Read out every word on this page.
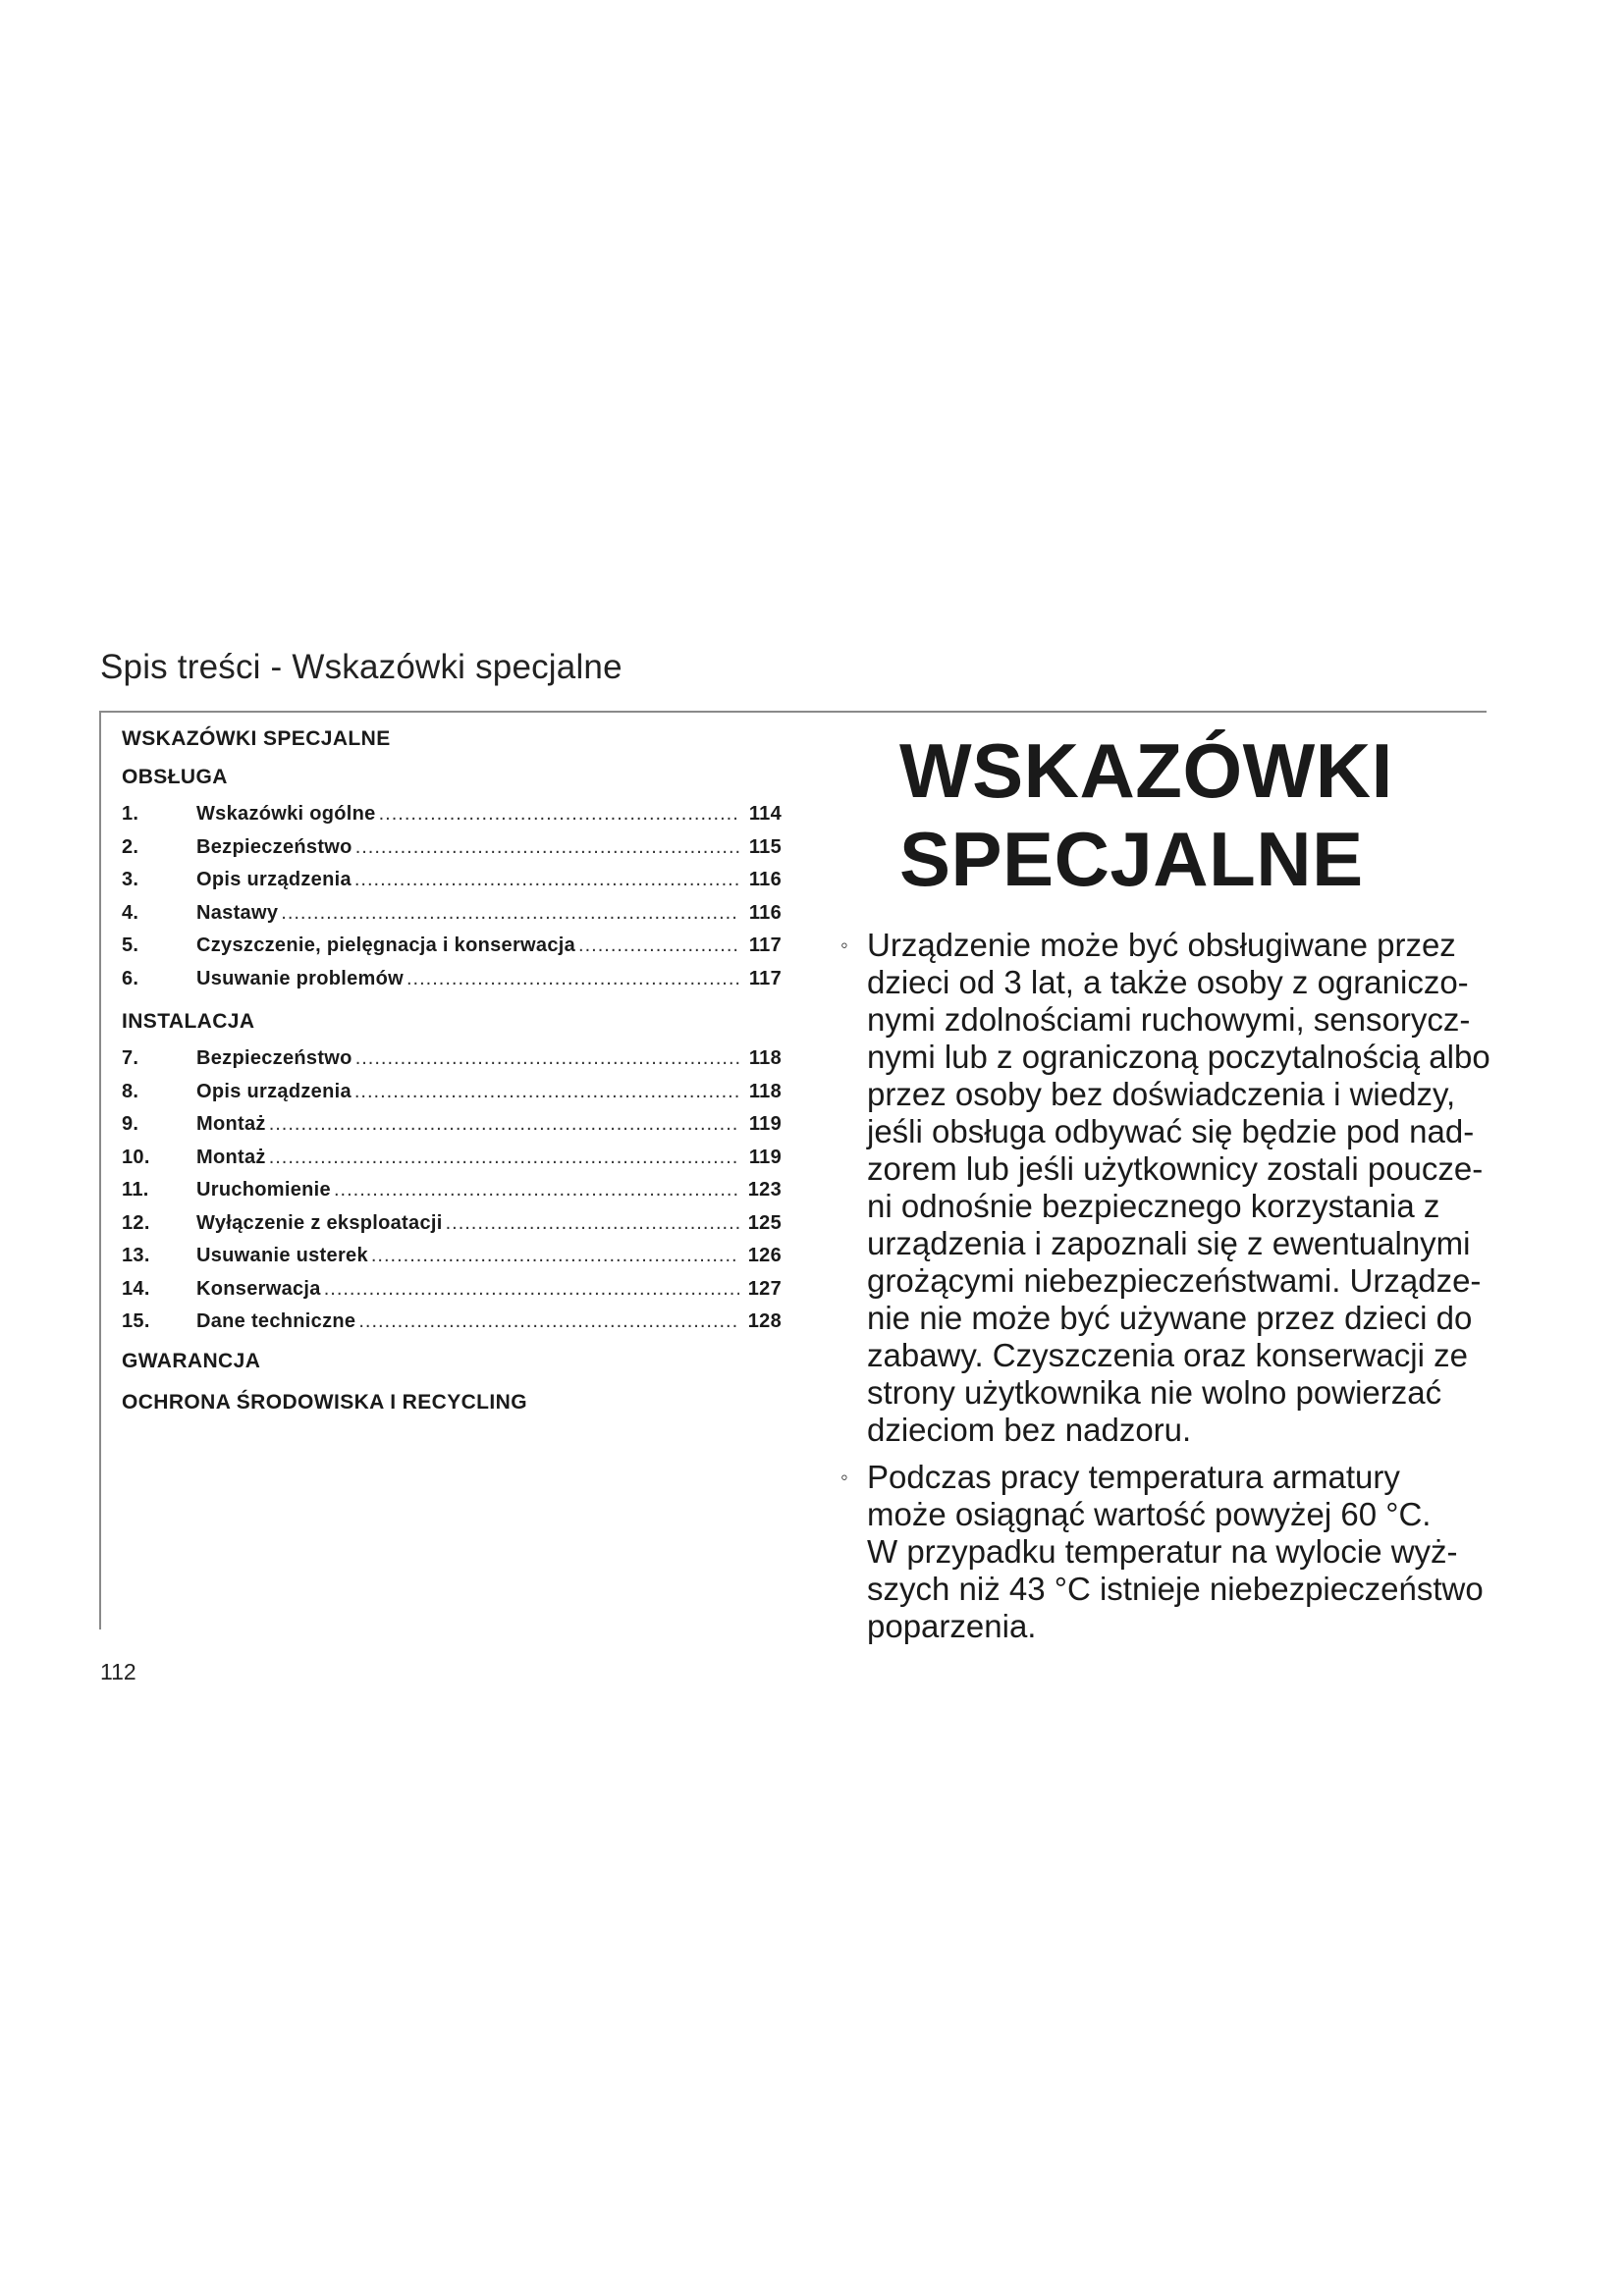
Spis treści - Wskazówki specjalne
WSKAZÓWKI SPECJALNE
OBSŁUGA
1.	Wskazówki ogólne .....	114
2.	Bezpieczeństwo .....	115
3.	Opis urządzenia .....	116
4.	Nastawy .....	116
5.	Czyszczenie, pielęgnacja i konserwacja .....	117
6.	Usuwanie problemów .....	117
INSTALACJA
7.	Bezpieczeństwo .....	118
8.	Opis urządzenia .....	118
9.	Montaż .....	119
10.	Montaż .....	119
11.	Uruchomienie .....	123
12.	Wyłączenie z eksploatacji .....	125
13.	Usuwanie usterek .....	126
14.	Konserwacja .....	127
15.	Dane techniczne .....	128
GWARANCJA
OCHRONA ŚRODOWISKA I RECYCLING
WSKAZÓWKI
SPECJALNE
◦ Urządzenie może być obsługiwane przez
dzieci od 3 lat, a także osoby z ograniczo-
nymi zdolnościami ruchowymi, sensorycz-
nymi lub z ograniczoną poczytalnością albo
przez osoby bez doświadczenia i wiedzy,
jeśli obsługa odbywać się będzie pod nad-
zorem lub jeśli użytkownicy zostali poucze-
ni odnośnie bezpiecznego korzystania z
urządzenia i zapoznali się z ewentualnymi
grożącymi niebezpieczeństwami. Urządze-
nie nie może być używane przez dzieci do
zabawy. Czyszczenia oraz konserwacji ze
strony użytkownika nie wolno powierzać
dzieciom bez nadzoru.
◦ Podczas pracy temperatura armatury
może osiągnąć wartość powyżej 60 °C.
W przypadku temperatur na wylocie wyż-
szych niż 43 °C istnieje niebezpieczeństwo
poparzenia.
112
